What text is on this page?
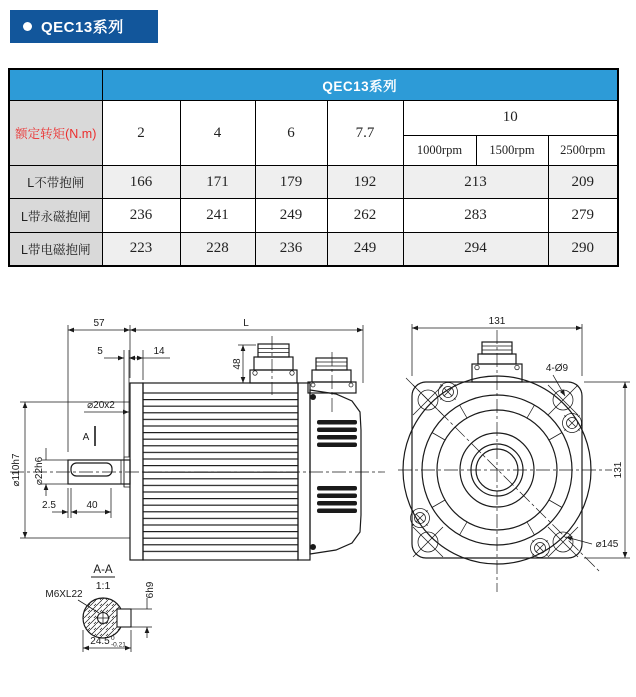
QEC13系列
	QEC13系列						
额定转矩(N.m)	2	4	6	7.7	10		
					1000rpm	1500rpm	2500rpm
L不带抱闸	166	171	179	192	213		209
L带永磁抱闸	236	241	249	262	283		279
L带电磁抱闸	223	228	236	249	294		290
57	L
5	14
48
⌀20x2
A
⌀110h7 ⌀22h6
2.5	40
A-A
1:1
M6XL22	6h9
24.5 0
-0.21
131
131
4-Ø9
⌀145
